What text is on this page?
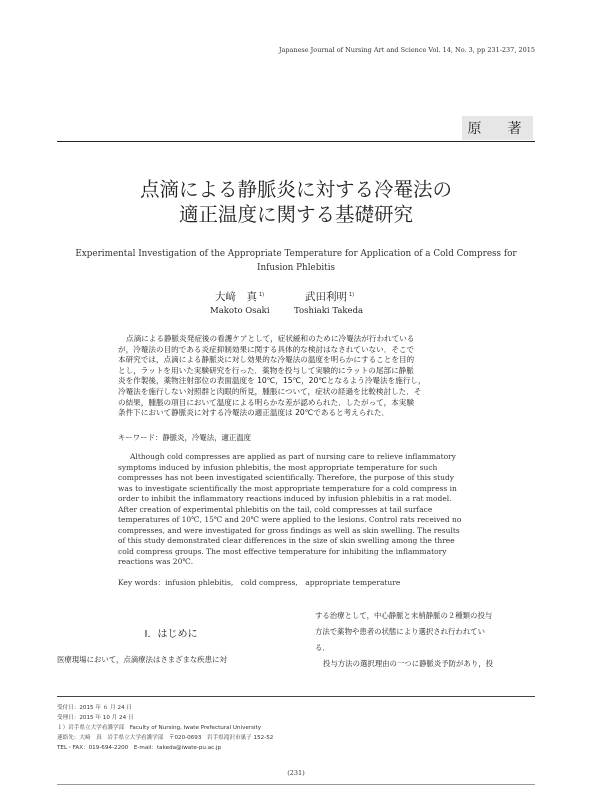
Japanese Journal of Nursing Art and Science Vol. 14, No. 3, pp 231-237, 2015
原　著
点滴による静脈炎に対する冷罨法の
適正温度に関する基礎研究
Experimental Investigation of the Appropriate Temperature for Application of a Cold Compress for
Infusion Phlebitis
大﨑　真 $^{1)}$	武田利明 $^{1)}$
Makoto Osaki	Toshiaki Takeda
点滴による静脈炎発症後の看護ケアとして，症状緩和のために冷罨法が行われている
が，冷罨法の目的である炎症抑制効果に関する具体的な検討はなされていない．そこで
本研究では，点滴による静脈炎に対し効果的な冷罨法の温度を明らかにすることを目的
とし，ラットを用いた実験研究を行った．薬物を投与して実験的にラットの尾部に静脈
炎を作製後，薬物注射部位の表面温度を 10℃，15℃，20℃となるよう冷罨法を施行し，
冷罨法を施行しない対照群と肉眼的所見，腫脹について，症状の経過を比較検討した．そ
の結果，腫脹の項目において温度による明らかな差が認められた．したがって，本実験
条件下において静脈炎に対する冷罨法の適正温度は 20℃であると考えられた．
キーワード：静脈炎，冷罨法，適正温度
Although cold compresses are applied as part of nursing care to relieve inflammatory
symptoms induced by infusion phlebitis, the most appropriate temperature for such
compresses has not been investigated scientifically. Therefore, the purpose of this study
was to investigate scientifically the most appropriate temperature for a cold compress in
order to inhibit the inflammatory reactions induced by infusion phlebitis in a rat model.
After creation of experimental phlebitis on the tail, cold compresses at tail surface
temperatures of 10℃, 15℃ and 20℃ were applied to the lesions. Control rats received no
compresses, and were investigated for gross findings as well as skin swelling. The results
of this study demonstrated clear differences in the size of skin swelling among the three
cold compress groups. The most effective temperature for inhibiting the inflammatory
reactions was 20℃.
Key words：infusion phlebitis,　cold compress,　appropriate temperature
Ⅰ．はじめに
医療現場において，点滴療法はさまざまな疾患に対
する治療として，中心静脈と末梢静脈の２種類の投与
方法で薬物や患者の状態により選択され行われてい
る．
投与方法の選択理由の一つに静脈炎予防があり，投
受付日：2015 年 ６ 月 24 日
受理日：2015 年 10 月 24 日
１）岩手県立大学看護学部　Faculty of Nursing, Iwate Prefectural University
連絡先：大﨑　真　岩手県立大学看護学部　〒020-0693　岩手県滝沢市巣子 152-52
TEL・FAX：019-694-2200　E-mail：takeda@iwate-pu.ac.jp
(231)
